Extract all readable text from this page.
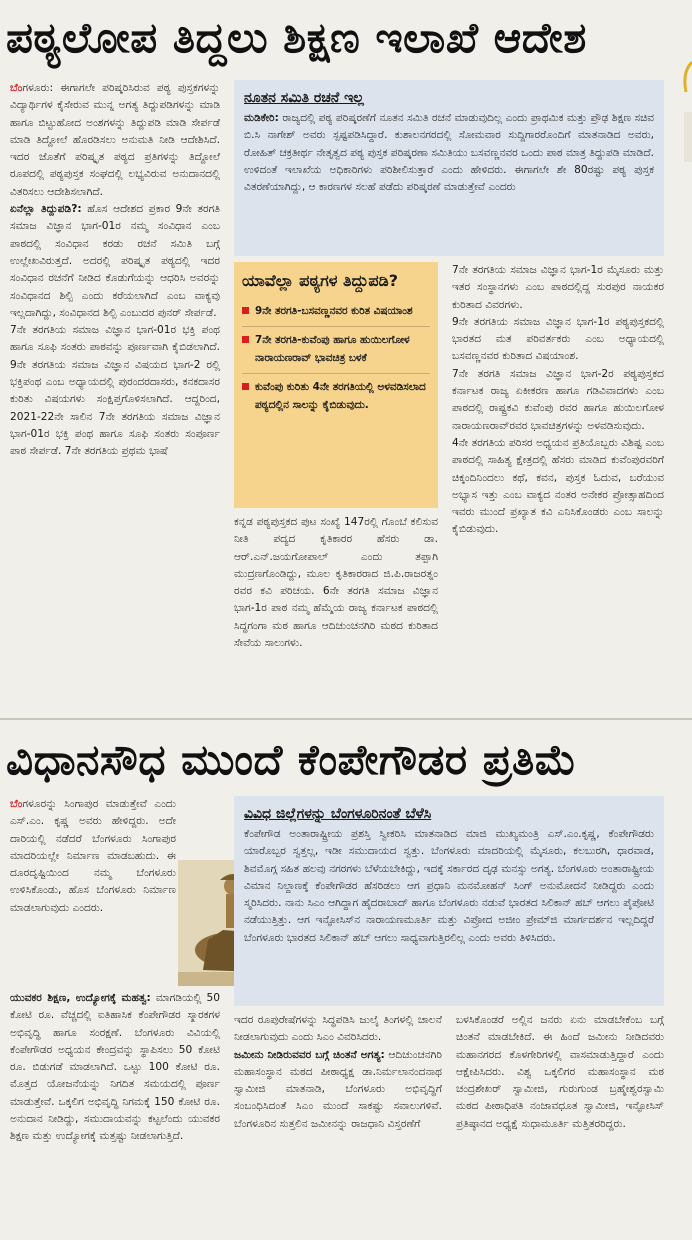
ಪಠ್ಯಲೋಪ ತಿದ್ದಲು ಶಿಕ್ಷಣ ಇಲಾಖೆ ಆದೇಶ

ಬೆಂಗಳೂರು: ಈಗಾಗಲೇ ಪರಿಷ್ಕರಿಸಿರುವ ಪಠ್ಯ ಪುಸ್ತಕಗಳನ್ನು ವಿದ್ಯಾರ್ಥಿಗಳ ಕೈಸೇರುವ ಮುನ್ನ ಅಗತ್ಯ ತಿದ್ದುಪಡಿಗಳನ್ನು ಮಾಡಿ ಹಾಗೂ ಬಿಟ್ಟುಹೋದ ಅಂಶಗಳನ್ನು ತಿದ್ದುಪಡಿ ಮಾಡಿ ಸೇರ್ಪಡೆ ಮಾಡಿ ತಿದ್ದೋಲೆ ಹೊರಡಿಸಲು ಅನುಮತಿ ನೀಡಿ ಆದೇಶಿಸಿದೆ. ಇದರ ಜೊತೆಗೆ ಪರಿಷ್ಕೃತ ಪಠ್ಯದ ಪ್ರತಿಗಳನ್ನು ತಿದ್ದೋಲೆ ರೂಪದಲ್ಲಿ ಪಠ್ಯಪುಸ್ತಕ ಸಂಘದಲ್ಲಿ ಲಭ್ಯವಿರುವ ಅನುದಾನದಲ್ಲಿ ವಿತರಿಸಲು ಆದೇಶಿಸಲಾಗಿದೆ.

ಏನೆಲ್ಲಾ ತಿದ್ದುಪಡಿ?: ಹೊಸ ಆದೇಶದ ಪ್ರಕಾರ 9ನೇ ತರಗತಿ ಸಮಾಜ ವಿಜ್ಞಾನ ಭಾಗ-01ರ ನಮ್ಮ ಸಂವಿಧಾನ ಎಂಬ ಪಾಠದಲ್ಲಿ ಸಂವಿಧಾನ ಕರಡು ರಚನೆ ಸಮಿತಿ ಬಗ್ಗೆ ಉಲ್ಲೇಖವಿರುತ್ತದೆ. ಅದರಲ್ಲಿ ಪರಿಷ್ಕೃತ ಪಠ್ಯದಲ್ಲಿ ಇದರ ಸಂವಿಧಾನ ರಚನೆಗೆ ನೀಡಿದ ಕೊಡುಗೆಯನ್ನು ಆಧರಿಸಿ ಅವರನ್ನು ಸಂವಿಧಾನದ ಶಿಲ್ಪಿ ಎಂದು ಕರೆಯಲಾಗಿದೆ ಎಂಬ ವಾಕ್ಯವು ಇಲ್ಲದಾಗಿದ್ದು, ಸಂವಿಧಾನದ ಶಿಲ್ಪಿ ಎಂಬುದರ ಪುನರ್ ಸೇರ್ಪಡೆ.

7ನೇ ತರಗತಿಯ ಸಮಾಜ ವಿಜ್ಞಾನ ಭಾಗ-01ರ ಭಕ್ತಿ ಪಂಥ ಹಾಗೂ ಸೂಫಿ ಸಂತರು ಪಾಠವನ್ನು ಪೂರ್ಣವಾಗಿ ಕೈಬಿಡಲಾಗಿದೆ. 9ನೇ ತರಗತಿಯ ಸಮಾಜ ವಿಜ್ಞಾನ ವಿಷಯದ ಭಾಗ-2 ರಲ್ಲಿ ಭಕ್ತಿಪಂಥ ಎಂಬ ಅಧ್ಯಾಯದಲ್ಲಿ ಪುರಂದರದಾಸರು, ಕನಕದಾಸರ ಕುರಿತು ವಿಷಯಗಳು ಸಂಕ್ಷಿಪ್ತಗೊಳಿಸಲಾಗಿದೆ. ಆದ್ದರಿಂದ, 2021-22ನೇ ಸಾಲಿನ 7ನೇ ತರಗತಿಯ ಸಮಾಜ ವಿಜ್ಞಾನ ಭಾಗ-01ರ ಭಕ್ತಿ ಪಂಥ ಹಾಗೂ ಸೂಫಿ ಸಂತರು ಸಂಪೂರ್ಣ ಪಾಠ ಸೇರ್ಪಡೆ. 7ನೇ ತರಗತಿಯ ಪ್ರಥಮ ಭಾಷೆ

ನೂತನ ಸಮಿತಿ ರಚನೆ ಇಲ್ಲ
ಮಡಿಕೇರಿ: ರಾಜ್ಯದಲ್ಲಿ ಪಠ್ಯ ಪರಿಷ್ಕರಣೆಗೆ ನೂತನ ಸಮಿತಿ ರಚನೆ ಮಾಡುವುದಿಲ್ಲ ಎಂದು ಪ್ರಾಥಮಿಕ ಮತ್ತು ಪ್ರೌಢ ಶಿಕ್ಷಣ ಸಚಿವ ಬಿ.ಸಿ ನಾಗೇಶ್ ಅವರು ಸ್ಪಷ್ಟಪಡಿಸಿದ್ದಾರೆ. ಕುಶಾಲನಗರದಲ್ಲಿ ಸೋಮವಾರ ಸುದ್ದಿಗಾರರೊಂದಿಗೆ ಮಾತನಾಡಿದ ಅವರು, ರೋಹಿತ್ ಚಕ್ರತೀರ್ಥ ನೇತೃತ್ವದ ಪಠ್ಯ ಪುಸ್ತಕ ಪರಿಷ್ಕರಣಾ ಸಮಿತಿಯು ಬಸವಣ್ಣನವರ ಒಂದು ಪಾಠ ಮಾತ್ರ ತಿದ್ದುಪಡಿ ಮಾಡಿದೆ. ಉಳಿದಂತೆ ಇಲಾಖೆಯ ಅಧಿಕಾರಿಗಳು ಪರಿಶೀಲಿಸುತ್ತಾರೆ ಎಂದು ಹೇಳಿದರು. ಈಗಾಗಲೇ ಶೇ 80ರಷ್ಟು ಪಠ್ಯ ಪುಸ್ತಕ ವಿತರಣೆಯಾಗಿದ್ದು, ಆ ಕಾರಣಗಳ ಸಲಹೆ ಪಡೆದು ಪರಿಷ್ಕರಣೆ ಮಾಡುತ್ತೇವೆ ಎಂದರು
ಯಾವೆಲ್ಲಾ ಪಠ್ಯಗಳ ತಿದ್ದುಪಡಿ?
9ನೇ ತರಗತಿ-ಬಸವಣ್ಣನವರ ಕುರಿತ ವಿಷಯಾಂಶ
7ನೇ ತರಗತಿ-ಕುವೆಂಪು ಹಾಗೂ ಹುಯಿಲಗೋಳ ನಾರಾಯಣರಾವ್ ಭಾವಚಿತ್ರ ಬಳಕೆ
ಕುವೆಂಪು ಕುರಿತು 4ನೇ ತರಗತಿಯಲ್ಲಿ ಅಳವಡಿಸಲಾದ ಪಠ್ಯದಲ್ಲಿನ ಸಾಲನ್ನು ಕೈಬಿಡುವುದು.

ಕನ್ನಡ ಪಠ್ಯಪುಸ್ತಕದ ಪುಟ ಸಂಖ್ಯೆ 147ರಲ್ಲಿ ಗೊಂಬೆ ಕಲಿಸುವ ನೀತಿ ಪದ್ಯದ ಕೃತಿಕಾರರ ಹೆಸರು ಡಾ. ಆರ್.ಎನ್.ಜಯಗೋಪಾಲ್ ಎಂದು ತಪ್ಪಾಗಿ ಮುದ್ರಣಗೊಂಡಿದ್ದು, ಮೂಲ ಕೃತಿಕಾರರಾದ ಜಿ.ಪಿ.ರಾಜರತ್ನಂ ರವರ ಕವಿ ಪರಿಚಯ. 6ನೇ ತರಗತಿ ಸಮಾಜ ವಿಜ್ಞಾನ ಭಾಗ-1ರ ಪಾಠ ನಮ್ಮ ಹೆಮ್ಮೆಯ ರಾಜ್ಯ ಕರ್ನಾಟಕ ಪಾಠದಲ್ಲಿ ಸಿದ್ಧಗಂಗಾ ಮಠ ಹಾಗೂ ಆದಿಚುಂಚನಗಿರಿ ಮಠದ ಕುರಿತಾದ ಸೇವೆಯ ಸಾಲುಗಳು.

7ನೇ ತರಗತಿಯ ಸಮಾಜ ವಿಜ್ಞಾನ ಭಾಗ-1ರ ಮೈಸೂರು ಮತ್ತು ಇತರ ಸಂಸ್ಥಾನಗಳು ಎಂಬ ಪಾಠದಲ್ಲಿದ್ದ ಸುರಪುರ ನಾಯಕರ ಕುರಿತಾದ ವಿವರಗಳು.

9ನೇ ತರಗತಿಯ ಸಮಾಜ ವಿಜ್ಞಾನ ಭಾಗ-1ರ ಪಠ್ಯಪುಸ್ತಕದಲ್ಲಿ ಭಾರತದ ಮತ ಪರಿವರ್ತಕರು ಎಂಬ ಅಧ್ಯಾಯದಲ್ಲಿ ಬಸವಣ್ಣನವರ ಕುರಿತಾದ ವಿಷಯಾಂಶ.

7ನೇ ತರಗತಿ ಸಮಾಜ ವಿಜ್ಞಾನ ಭಾಗ-2ರ ಪಠ್ಯಪುಸ್ತಕದ ಕರ್ನಾಟಕ ರಾಜ್ಯ ಏಕೀಕರಣ ಹಾಗೂ ಗಡಿವಿವಾದಗಳು ಎಂಬ ಪಾಠದಲ್ಲಿ ರಾಷ್ಟ್ರಕವಿ ಕುವೆಂಪು ರವರ ಹಾಗೂ ಹುಯಿಲಗೋಳ ನಾರಾಯಣರಾವ್‌ರವರ ಭಾವಚಿತ್ರಗಳನ್ನು ಅಳವಡಿಸುವುದು.

4ನೇ ತರಗತಿಯ ಪರಿಸರ ಅಧ್ಯಯನ ಪ್ರತಿಯೊಬ್ಬರು ವಿಶಿಷ್ಟ ಎಂಬ ಪಾಠದಲ್ಲಿ ಸಾಹಿತ್ಯ ಕ್ಷೇತ್ರದಲ್ಲಿ ಹೆಸರು ಮಾಡಿದ ಕುವೆಂಪುರವರಿಗೆ ಚಿಕ್ಕಂದಿನಿಂದಲು ಕಥೆ, ಕವನ, ಪುಸ್ತಕ ಓದುವ, ಬರೆಯುವ ಅಭ್ಯಾಸ ಇತ್ತು ಎಂಬ ವಾಕ್ಯದ ನಂತರ ಅನೇಕರ ಪ್ರೋತ್ಸಾಹದಿಂದ ಇವರು ಮುಂದೆ ಪ್ರಖ್ಯಾತ ಕವಿ ಎನಿಸಿಕೊಂಡರು ಎಂಬ ಸಾಲನ್ನು ಕೈಬಿಡುವುದು.

ವಿಧಾನಸೌಧ ಮುಂದೆ ಕೆಂಪೇಗೌಡರ ಪ್ರತಿಮೆ

ಬೆಂಗಳೂರನ್ನು ಸಿಂಗಾಪುರ ಮಾಡುತ್ತೇವೆ ಎಂದು ಎಸ್.ಎಂ. ಕೃಷ್ಣ ಅವರು ಹೇಳಿದ್ದರು. ಅದೇ ದಾರಿಯಲ್ಲಿ ನಡೆದರೆ ಬೆಂಗಳೂರು ಸಿಂಗಾಪುರ ಮಾದರಿಯಲ್ಲೇ ನಿರ್ಮಾಣ ಮಾಡಬಹುದು. ಈ ದೂರದೃಷ್ಟಿಯಿಂದ ನಮ್ಮ ಬೆಂಗಳೂರು ಉಳಿಸಿಕೊಂಡು, ಹೊಸ ಬೆಂಗಳೂರು ನಿರ್ಮಾಣ ಮಾಡಲಾಗುವುದು ಎಂದರು.

ಯುವಕರ ಶಿಕ್ಷಣ, ಉದ್ಯೋಗಕ್ಕೆ ಮಹತ್ವ: ಮಾಗಡಿಯಲ್ಲಿ 50 ಕೋಟಿ ರೂ. ವೆಚ್ಚದಲ್ಲಿ ಐತಿಹಾಸಿಕ ಕೆಂಪೇಗೌಡರ ಸ್ಮಾರಕಗಳ ಅಭಿವೃದ್ಧಿ ಹಾಗೂ ಸಂರಕ್ಷಣೆ. ಬೆಂಗಳೂರು ವಿವಿಯಲ್ಲಿ ಕೆಂಪೇಗೌಡರ ಅಧ್ಯಯನ ಕೇಂದ್ರವನ್ನು ಸ್ಥಾಪಿಸಲು 50 ಕೋಟಿ ರೂ. ಬಿಡುಗಡೆ ಮಾಡಲಾಗಿದೆ. ಒಟ್ಟು 100 ಕೋಟಿ ರೂ. ಮೊತ್ತದ ಯೋಜನೆಯನ್ನು ನಿಗದಿತ ಸಮಯದಲ್ಲಿ ಪೂರ್ಣ ಮಾಡುತ್ತೇವೆ. ಒಕ್ಕಲಿಗ ಅಭಿವೃದ್ಧಿ ನಿಗಮಕ್ಕೆ 150 ಕೋಟಿ ರೂ. ಅನುದಾನ ನೀಡಿದ್ದು, ಸಮುದಾಯವನ್ನು ಕಟ್ಟಲೆಂದು ಯುವಕರ ಶಿಕ್ಷಣ ಮತ್ತು ಉದ್ಯೋಗಕ್ಕೆ ಮತ್ತಷ್ಟು ನೀಡಲಾಗುತ್ತಿದೆ.

ವಿವಿಧ ಜಿಲ್ಲೆಗಳನ್ನು ಬೆಂಗಳೂರಿನಂತೆ ಬೆಳೆಸಿ
ಕೆಂಪೇಗೌಡ ಅಂತಾರಾಷ್ಟ್ರೀಯ ಪ್ರಶಸ್ತಿ ಸ್ವೀಕರಿಸಿ ಮಾತನಾಡಿದ ಮಾಜಿ ಮುಖ್ಯಮಂತ್ರಿ ಎಸ್.ಎಂ.ಕೃಷ್ಣ, ಕೆಂಪೇಗೌಡರು ಯಾರೊಬ್ಬರ ಸ್ವತ್ತಲ್ಲ, ಇಡೀ ಸಮುದಾಯದ ಸ್ವತ್ತು. ಬೆಂಗಳೂರು ಮಾದರಿಯಲ್ಲಿ ಮೈಸೂರು, ಕಲಬುರಗಿ, ಧಾರವಾಡ, ಶಿವಮೊಗ್ಗ ಸಹಿತ ಹಲವು ನಗರಗಳು ಬೆಳೆಯಬೇಕಿದ್ದು, ಇದಕ್ಕೆ ಸರ್ಕಾರದ ದೃಢ ಮನಸ್ಸು ಅಗತ್ಯ. ಬೆಂಗಳೂರು ಅಂತಾರಾಷ್ಟ್ರೀಯ ವಿಮಾನ ನಿಲ್ದಾಣಕ್ಕೆ ಕೆಂಪೇಗೌಡರ ಹೆಸರಿಡಲು ಆಗ ಪ್ರಧಾನಿ ಮನಮೋಹನ್ ಸಿಂಗ್ ಅನುಮೋದನೆ ನೀಡಿದ್ದರು ಎಂದು ಸ್ಮರಿಸಿದರು. ನಾನು ಸಿಎಂ ಆಗಿದ್ದಾಗ ಹೈದರಾಬಾದ್ ಹಾಗೂ ಬೆಂಗಳೂರು ನಡುವೆ ಭಾರತದ ಸಿಲಿಕಾನ್ ಹಬ್ ಆಗಲು ಪೈಪೋಟಿ ನಡೆಯುತ್ತಿತ್ತು. ಆಗ ಇನ್ಫೋಸಿಸ್‌ನ ನಾರಾಯಣಮೂರ್ತಿ ಮತ್ತು ವಿಪ್ರೋದ ಅಜೀಂ ಪ್ರೇಮ್‌ಜಿ ಮಾರ್ಗದರ್ಶನ ಇಲ್ಲದಿದ್ದರೆ ಬೆಂಗಳೂರು ಭಾರತದ ಸಿಲಿಕಾನ್ ಹಬ್ ಆಗಲು ಸಾಧ್ಯವಾಗುತ್ತಿರಲಿಲ್ಲ ಎಂದು ಅವರು ತಿಳಿಸಿದರು.

ಇದರ ರೂಪುರೇಷೆಗಳನ್ನು ಸಿದ್ಧಪಡಿಸಿ ಜುಲೈ ತಿಂಗಳಲ್ಲಿ ಚಾಲನೆ ನೀಡಲಾಗುವುದು ಎಂದು ಸಿಎಂ ವಿವರಿಸಿದರು.

ಜಮೀನು ನೀಡಿರುವವರ ಬಗ್ಗೆ ಚಿಂತನೆ ಅಗತ್ಯ: ಆದಿಚುಂಚನಗಿರಿ ಮಹಾಸಂಸ್ಥಾನ ಮಠದ ಪೀಠಾಧ್ಯಕ್ಷ ಡಾ.ನಿರ್ಮಲಾನಂದನಾಥ ಸ್ವಾಮೀಜಿ ಮಾತನಾಡಿ, ಬೆಂಗಳೂರು ಅಭಿವೃದ್ಧಿಗೆ ಸಂಬಂಧಿಸಿದಂತೆ ಸಿಎಂ ಮುಂದೆ ಸಾಕಷ್ಟು ಸವಾಲುಗಳಿವೆ. ಬೆಂಗಳೂರಿನ ಸುತ್ತಲಿನ ಜಮೀನನ್ನು ರಾಜಧಾನಿ ವಿಸ್ತರಣೆಗೆ

ಬಳಸಿಕೊಂಡರೆ ಅಲ್ಲಿನ ಜನರು ಏನು ಮಾಡಬೇಕೆಂಬ ಬಗ್ಗೆ ಚಿಂತನೆ ಮಾಡಬೇಕಿದೆ. ಈ ಹಿಂದೆ ಜಮೀನು ನೀಡಿದವರು ಮಹಾನಗರದ ಕೊಳಗೇರಿಗಳಲ್ಲಿ ವಾಸಮಾಡುತ್ತಿದ್ದಾರೆ ಎಂದು ಆಕ್ಷೇಪಿಸಿದರು. ವಿಶ್ವ ಒಕ್ಕಲಿಗರ ಮಹಾಸಂಸ್ಥಾನ ಮಠ ಚಂದ್ರಶೇಖರ್ ಸ್ವಾಮೀಜಿ, ಗುರುಗುಂಡ ಬ್ರಹ್ಮೇಶ್ವರಸ್ವಾಮಿ ಮಠದ ಪೀಠಾಧಿಪತಿ ನಂಜಾವಧೂತ ಸ್ವಾಮೀಜಿ, ಇನ್ಫೋಸಿಸ್ ಪ್ರತಿಷ್ಠಾನದ ಅಧ್ಯಕ್ಷೆ ಸುಧಾಮೂರ್ತಿ ಮತ್ತಿತರರಿದ್ದರು.
